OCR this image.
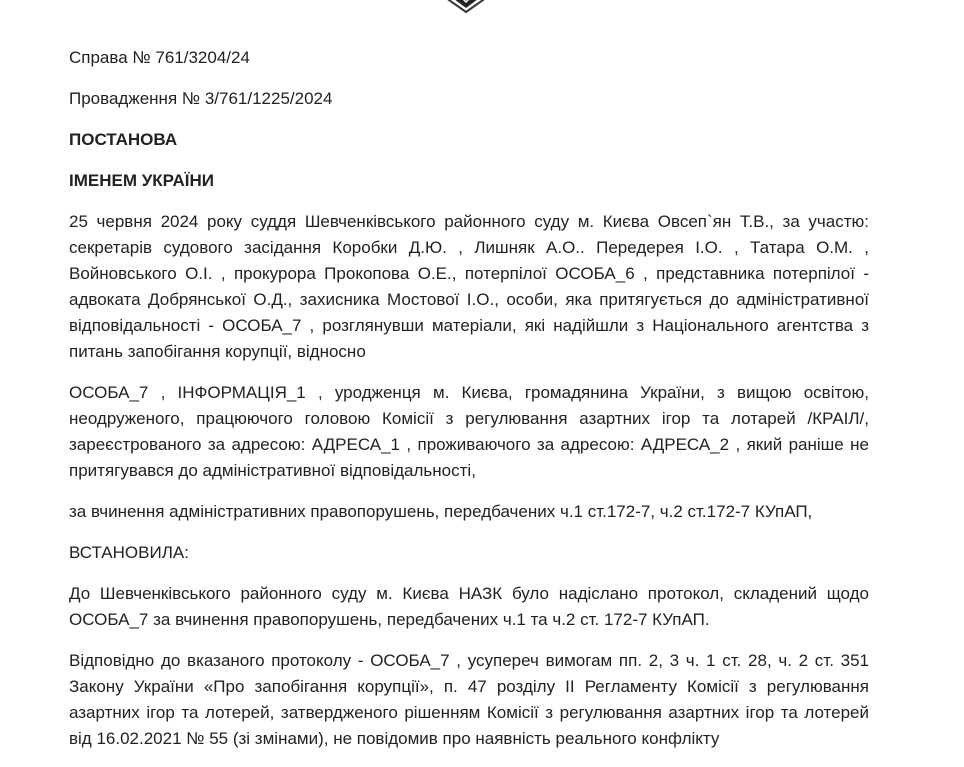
Справа № 761/3204/24

Провадження № 3/761/1225/2024

ПОСТАНОВА

ІМЕНЕМ УКРАЇНИ

25 червня 2024 року суддя Шевченківського районного суду м. Києва Овсеп`ян Т.В., за участю: секретарів судового засідання Коробки Д.Ю. , Лишняк А.О.. Передерея І.О. , Татара О.М. , Войновського О.І. , прокурора Прокопова О.Е., потерпілої ОСОБА_6 , представника потерпілої - адвоката Добрянської О.Д., захисника Мостової І.О., особи, яка притягується до адміністративної відповідальності - ОСОБА_7 , розглянувши матеріали, які надійшли з Національного агентства з питань запобігання корупції, відносно

ОСОБА_7 , ІНФОРМАЦІЯ_1 , уродженця м. Києва, громадянина України, з вищою освітою, неодруженого, працюючого головою Комісії з регулювання азартних ігор та лотарей /КРАІЛ/, зареєстрованого за адресою: АДРЕСА_1 , проживаючого за адресою: АДРЕСА_2 , який раніше не притягувався до адміністративної відповідальності,

за вчинення адміністративних правопорушень, передбачених ч.1 ст.172-7, ч.2 ст.172-7 КУпАП,

ВСТАНОВИЛА:

До Шевченківського районного суду м. Києва НАЗК було надіслано протокол, складений щодо ОСОБА_7 за вчинення правопорушень, передбачених ч.1 та ч.2 ст. 172-7 КУпАП.

Відповідно до вказаного протоколу - ОСОБА_7 , усупереч вимогам пп. 2, 3 ч. 1 ст. 28, ч. 2 ст. 351 Закону України «Про запобігання корупції», п. 47 розділу ІІ Регламенту Комісії з регулювання азартних ігор та лотерей, затвердженого рішенням Комісії з регулювання азартних ігор та лотерей від 16.02.2021 № 55 (зі змінами), не повідомив про наявність реального конфлікту
